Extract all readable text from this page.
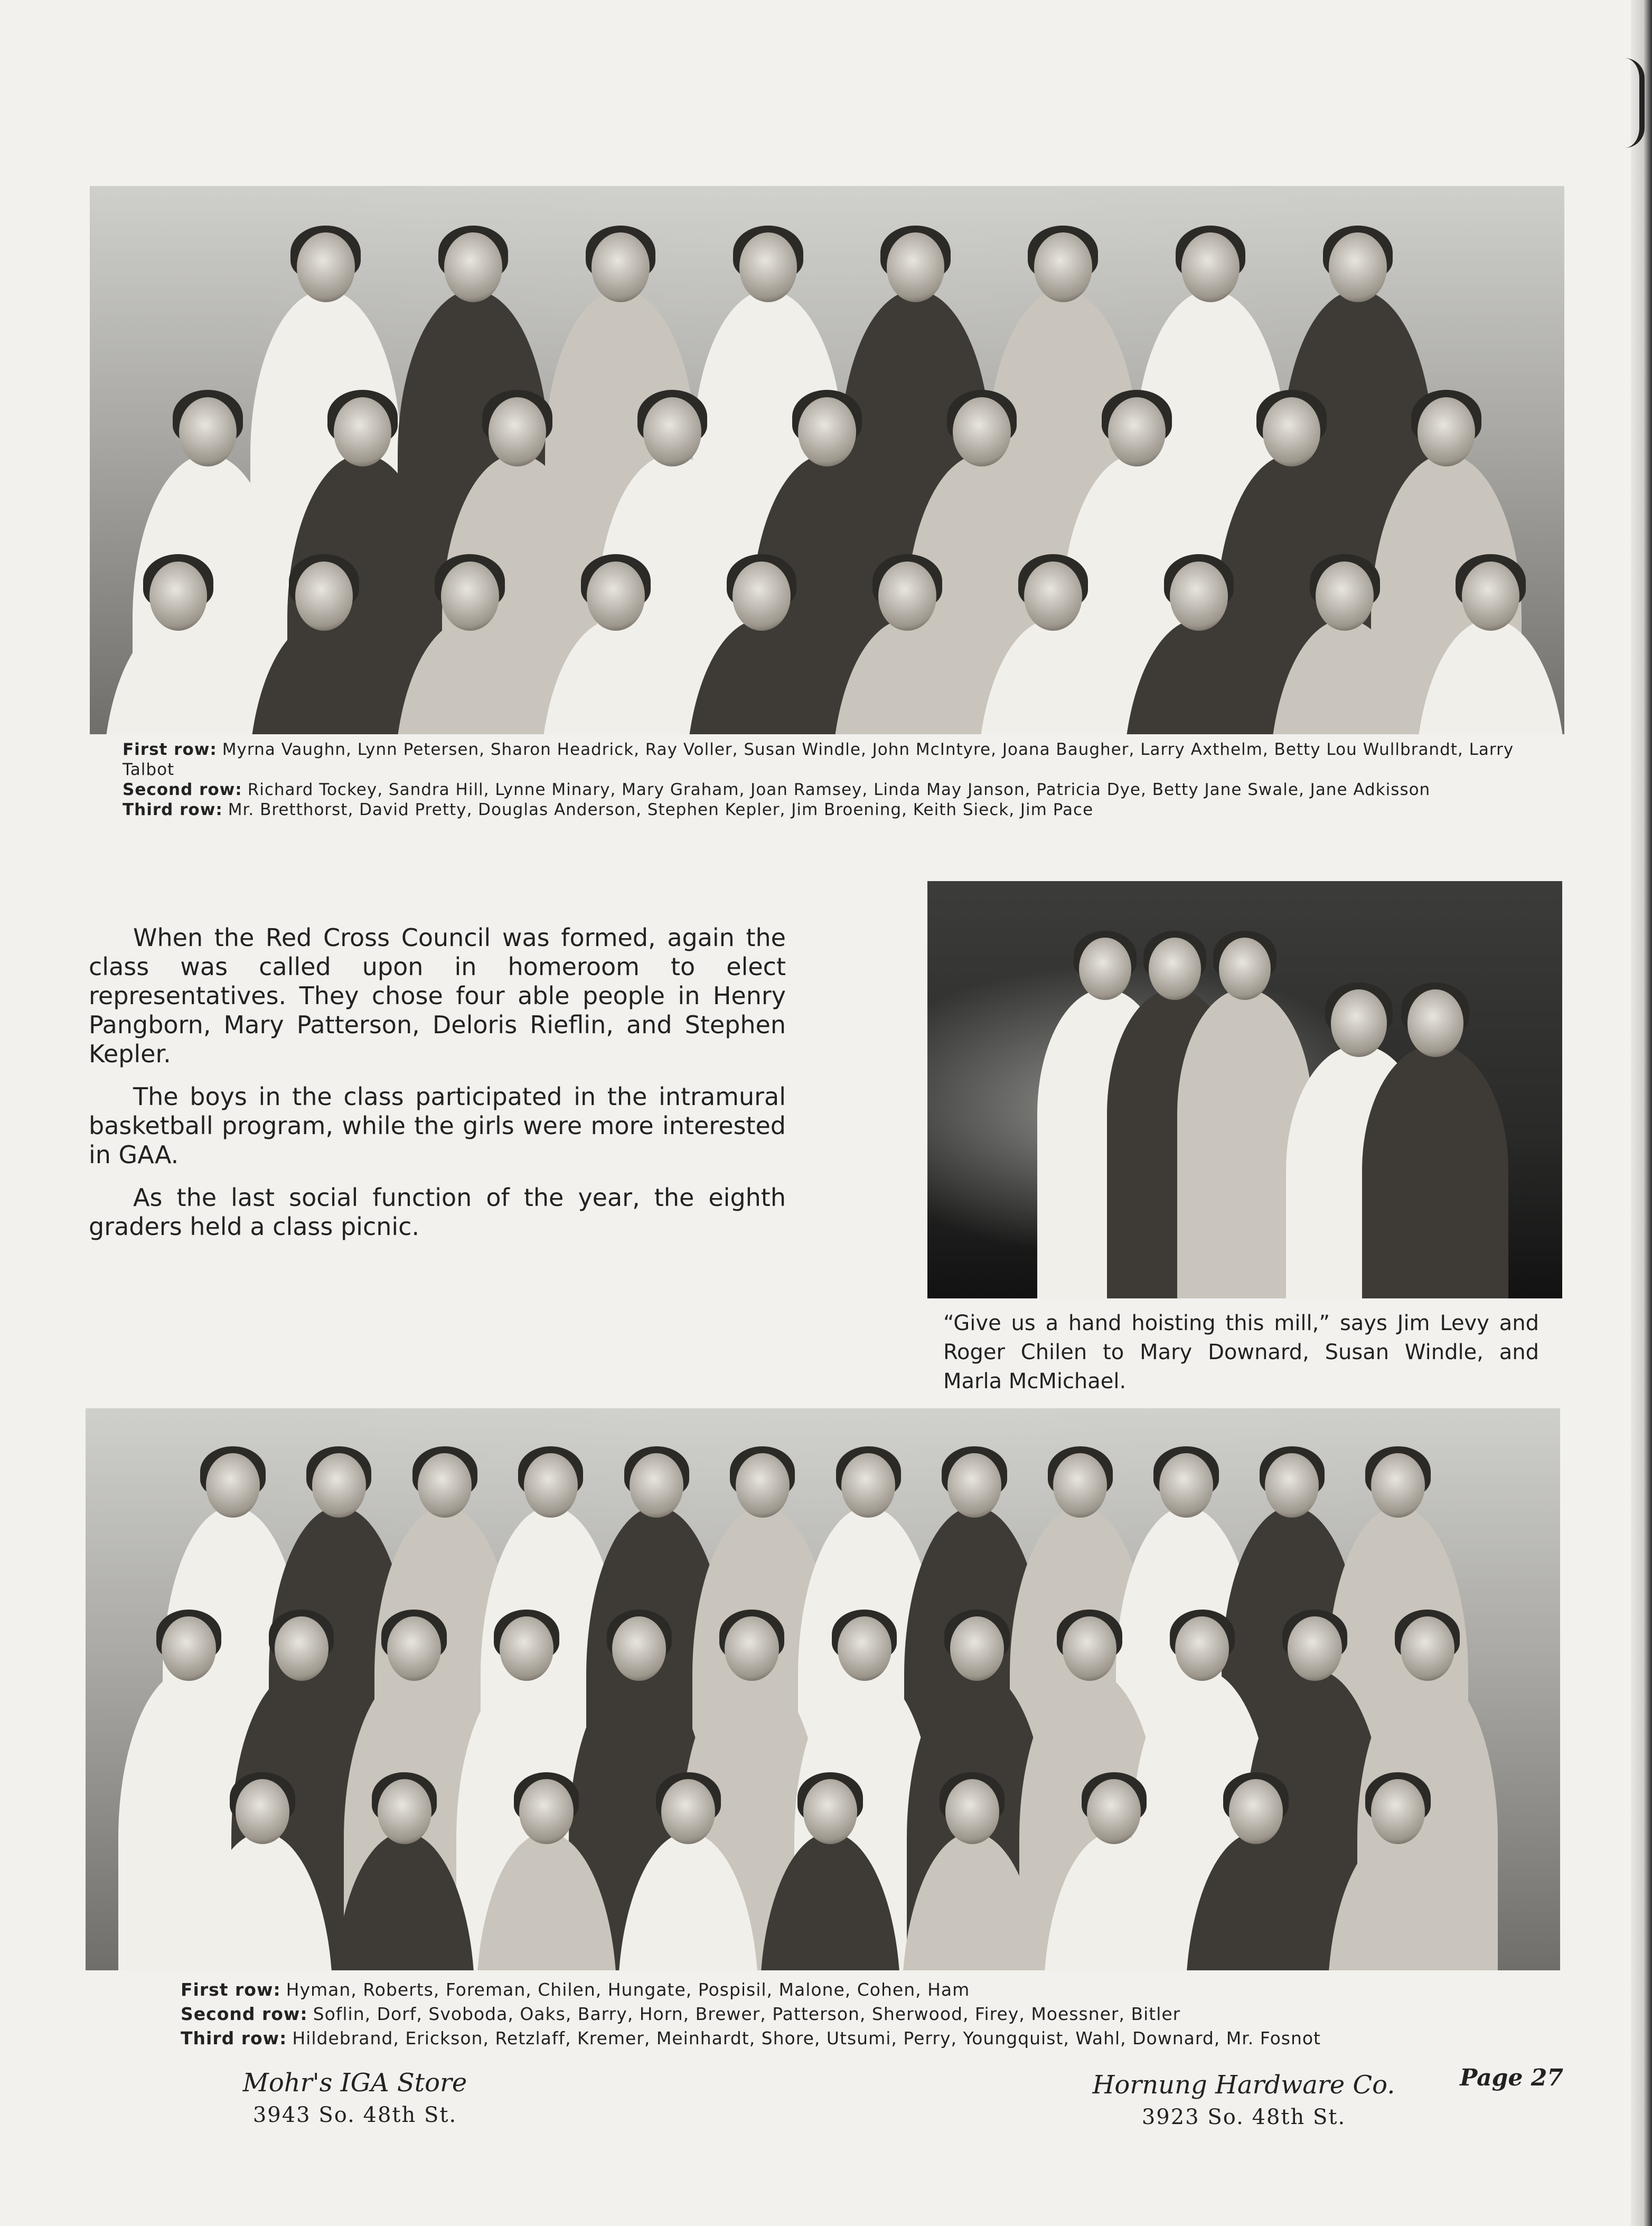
First row: Myrna Vaughn, Lynn Petersen, Sharon Headrick, Ray Voller, Susan Windle, John McIntyre, Joana Baugher, Larry Axthelm, Betty Lou Wullbrandt, Larry Talbot
Second row: Richard Tockey, Sandra Hill, Lynne Minary, Mary Graham, Joan Ramsey, Linda May Janson, Patricia Dye, Betty Jane Swale, Jane Adkisson
Third row: Mr. Bretthorst, David Pretty, Douglas Anderson, Stephen Kepler, Jim Broening, Keith Sieck, Jim Pace

When the Red Cross Council was formed, again the class was called upon in homeroom to elect representatives. They chose four able people in Henry Pangborn, Mary Patterson, Deloris Rieflin, and Stephen Kepler.

The boys in the class participated in the intramural basketball program, while the girls were more interested in GAA.

As the last social function of the year, the eighth graders held a class picnic.

“Give us a hand hoisting this mill,” says Jim Levy and Roger Chilen to Mary Downard, Susan Windle, and Marla McMichael.
First row: Hyman, Roberts, Foreman, Chilen, Hungate, Pospisil, Malone, Cohen, Ham
Second row: Soflin, Dorf, Svoboda, Oaks, Barry, Horn, Brewer, Patterson, Sherwood, Firey, Moessner, Bitler
Third row: Hildebrand, Erickson, Retzlaff, Kremer, Meinhardt, Shore, Utsumi, Perry, Youngquist, Wahl, Downard, Mr. Fosnot
Mohr's IGA Store
3943 So. 48th St.
Hornung Hardware Co.
3923 So. 48th St.
Page 27
